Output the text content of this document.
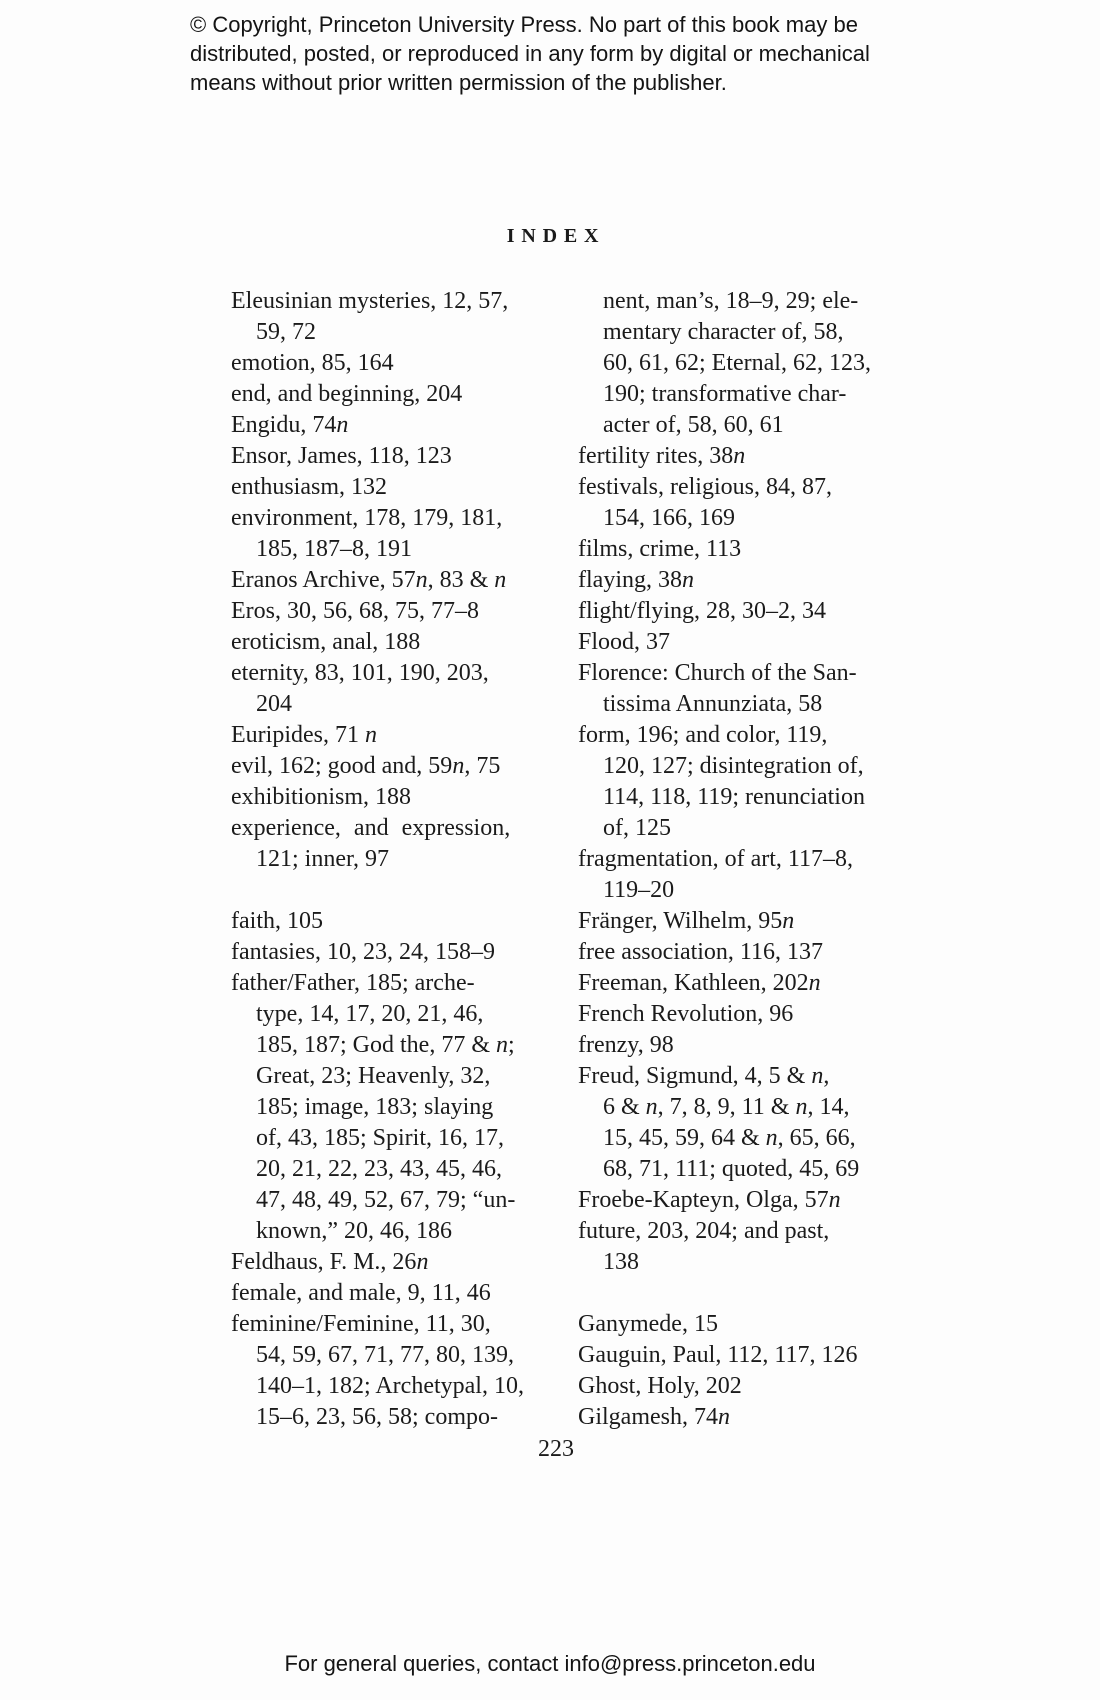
© Copyright, Princeton University Press. No part of this book may be
distributed, posted, or reproduced in any form by digital or mechanical
means without prior written permission of the publisher.
INDEX
Eleusinian mysteries, 12, 57,
59, 72
emotion, 85, 164
end, and beginning, 204
Engidu, 74n
Ensor, James, 118, 123
enthusiasm, 132
environment, 178, 179, 181,
185, 187–8, 191
Eranos Archive, 57n, 83 & n
Eros, 30, 56, 68, 75, 77–8
eroticism, anal, 188
eternity, 83, 101, 190, 203,
204
Euripides, 71 n
evil, 162; good and, 59n, 75
exhibitionism, 188
experience, and expression,
121; inner, 97

faith, 105
fantasies, 10, 23, 24, 158–9
father/Father, 185; arche-
type, 14, 17, 20, 21, 46,
185, 187; God the, 77 & n;
Great, 23; Heavenly, 32,
185; image, 183; slaying
of, 43, 185; Spirit, 16, 17,
20, 21, 22, 23, 43, 45, 46,
47, 48, 49, 52, 67, 79; “un-
known,” 20, 46, 186
Feldhaus, F. M., 26n
female, and male, 9, 11, 46
feminine/Feminine, 11, 30,
54, 59, 67, 71, 77, 80, 139,
140–1, 182; Archetypal, 10,
15–6, 23, 56, 58; compo-
nent, man’s, 18–9, 29; ele-
mentary character of, 58,
60, 61, 62; Eternal, 62, 123,
190; transformative char-
acter of, 58, 60, 61
fertility rites, 38n
festivals, religious, 84, 87,
154, 166, 169
films, crime, 113
flaying, 38n
flight/flying, 28, 30–2, 34
Flood, 37
Florence: Church of the San-
tissima Annunziata, 58
form, 196; and color, 119,
120, 127; disintegration of,
114, 118, 119; renunciation
of, 125
fragmentation, of art, 117–8,
119–20
Fränger, Wilhelm, 95n
free association, 116, 137
Freeman, Kathleen, 202n
French Revolution, 96
frenzy, 98
Freud, Sigmund, 4, 5 & n,
6 & n, 7, 8, 9, 11 & n, 14,
15, 45, 59, 64 & n, 65, 66,
68, 71, 111; quoted, 45, 69
Froebe-Kapteyn, Olga, 57n
future, 203, 204; and past,
138

Ganymede, 15
Gauguin, Paul, 112, 117, 126
Ghost, Holy, 202
Gilgamesh, 74n
223
For general queries, contact info@press.princeton.edu
